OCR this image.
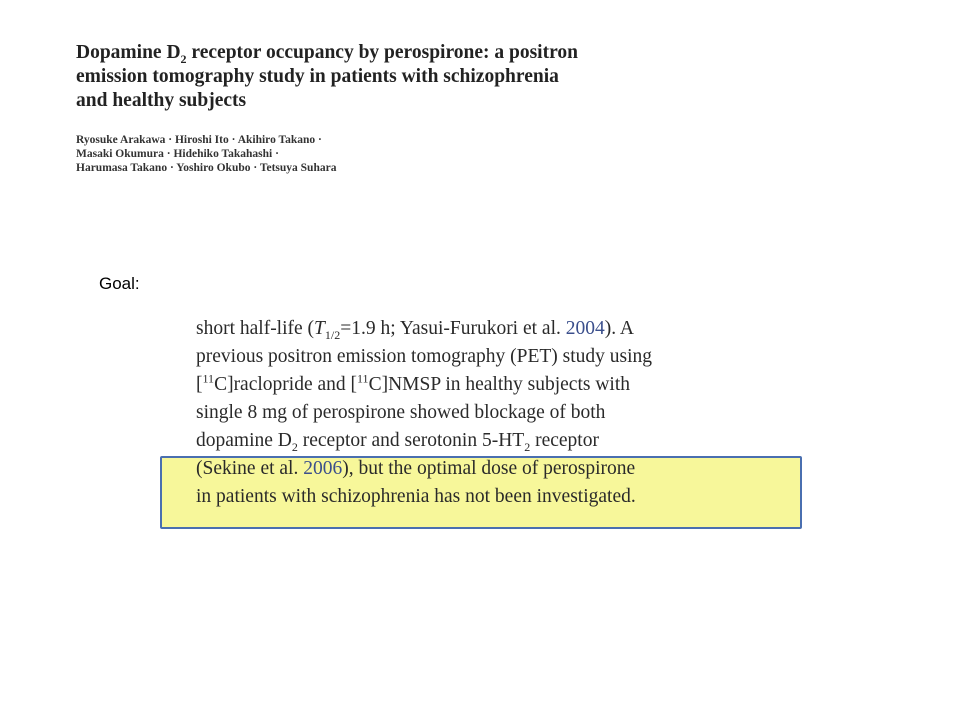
Dopamine $D_2$ receptor occupancy by perospirone: a positron
emission tomography study in patients with schizophrenia
and healthy subjects
Ryosuke Arakawa · Hiroshi Ito · Akihiro Takano ·
Masaki Okumura · Hidehiko Takahashi ·
Harumasa Takano · Yoshiro Okubo · Tetsuya Suhara
Goal:
short half-life ($T_{1/2}=1.9$ h; Yasui-Furukori et al. 2004). A
previous positron emission tomography (PET) study using
[$^{11}$C]raclopride and [$^{11}$C]NMSP in healthy subjects with
single 8 mg of perospirone showed blockage of both
dopamine $D_2$ receptor and serotonin $5-HT_2$ receptor
(Sekine et al. 2006), but the optimal dose of perospirone
in patients with schizophrenia has not been investigated.
